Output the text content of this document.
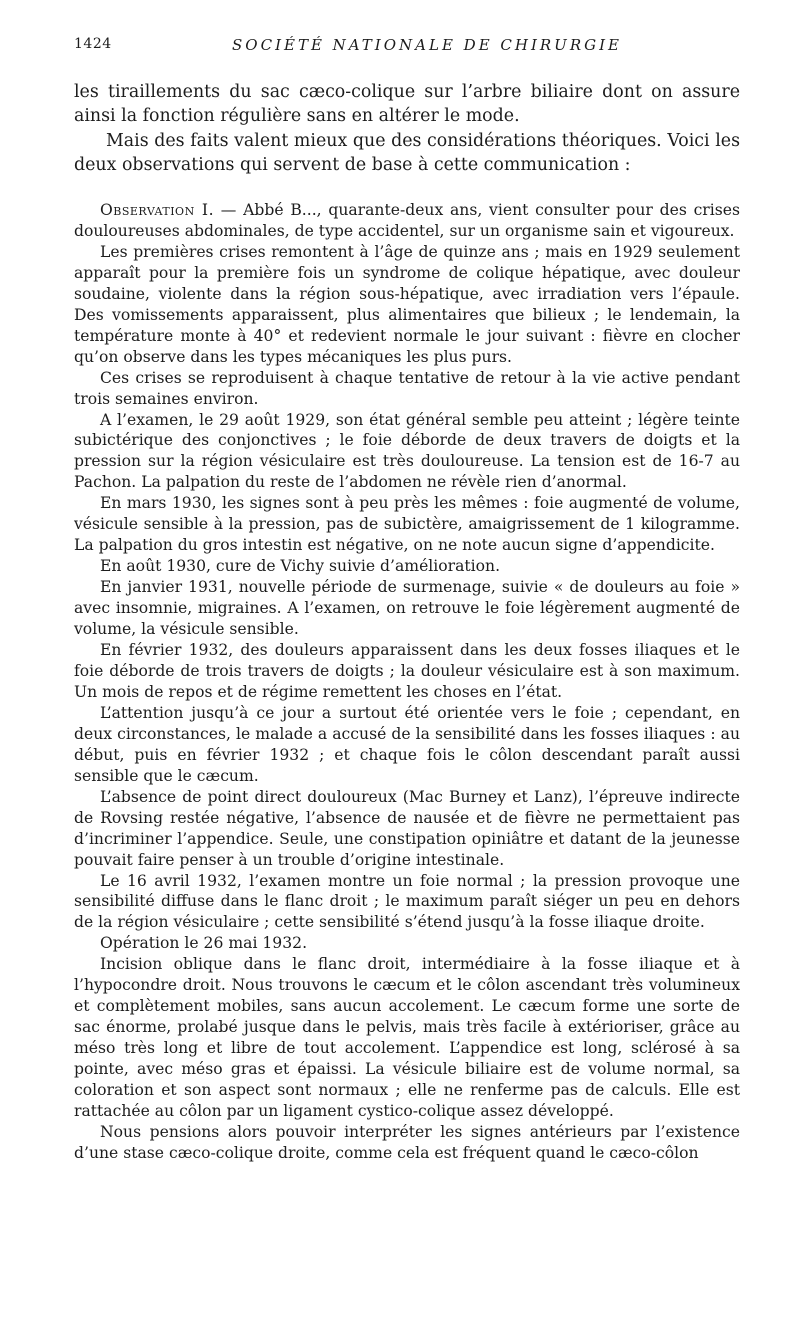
1424	SOCIÉTÉ NATIONALE DE CHIRURGIE

les tiraillements du sac cæco-colique sur l’arbre biliaire dont on assure ainsi la fonction régulière sans en altérer le mode.

Mais des faits valent mieux que des considérations théoriques. Voici les deux observations qui servent de base à cette communication :

Observation I. — Abbé B..., quarante-deux ans, vient consulter pour des crises douloureuses abdominales, de type accidentel, sur un organisme sain et vigoureux.

Les premières crises remontent à l’âge de quinze ans ; mais en 1929 seulement apparaît pour la première fois un syndrome de colique hépatique, avec douleur soudaine, violente dans la région sous-hépatique, avec irradiation vers l’épaule. Des vomissements apparaissent, plus alimentaires que bilieux ; le lendemain, la température monte à 40° et redevient normale le jour suivant : fièvre en clocher qu’on observe dans les types mécaniques les plus purs.

Ces crises se reproduisent à chaque tentative de retour à la vie active pendant trois semaines environ.

A l’examen, le 29 août 1929, son état général semble peu atteint ; légère teinte subictérique des conjonctives ; le foie déborde de deux travers de doigts et la pression sur la région vésiculaire est très douloureuse. La tension est de 16-7 au Pachon. La palpation du reste de l’abdomen ne révèle rien d’anormal.

En mars 1930, les signes sont à peu près les mêmes : foie augmenté de volume, vésicule sensible à la pression, pas de subictère, amaigrissement de 1 kilogramme. La palpation du gros intestin est négative, on ne note aucun signe d’appendicite.

En août 1930, cure de Vichy suivie d’amélioration.

En janvier 1931, nouvelle période de surmenage, suivie « de douleurs au foie » avec insomnie, migraines. A l’examen, on retrouve le foie légèrement augmenté de volume, la vésicule sensible.

En février 1932, des douleurs apparaissent dans les deux fosses iliaques et le foie déborde de trois travers de doigts ; la douleur vésiculaire est à son maximum. Un mois de repos et de régime remettent les choses en l’état.

L’attention jusqu’à ce jour a surtout été orientée vers le foie ; cependant, en deux circonstances, le malade a accusé de la sensibilité dans les fosses iliaques : au début, puis en février 1932 ; et chaque fois le côlon descendant paraît aussi sensible que le cæcum.

L’absence de point direct douloureux (Mac Burney et Lanz), l’épreuve indirecte de Rovsing restée négative, l’absence de nausée et de fièvre ne permettaient pas d’incriminer l’appendice. Seule, une constipation opiniâtre et datant de la jeunesse pouvait faire penser à un trouble d’origine intestinale.

Le 16 avril 1932, l’examen montre un foie normal ; la pression provoque une sensibilité diffuse dans le flanc droit ; le maximum paraît siéger un peu en dehors de la région vésiculaire ; cette sensibilité s’étend jusqu’à la fosse iliaque droite.

Opération le 26 mai 1932.

Incision oblique dans le flanc droit, intermédiaire à la fosse iliaque et à l’hypocondre droit. Nous trouvons le cæcum et le côlon ascendant très volumineux et complètement mobiles, sans aucun accolement. Le cæcum forme une sorte de sac énorme, prolabé jusque dans le pelvis, mais très facile à extérioriser, grâce au méso très long et libre de tout accolement. L’appendice est long, sclérosé à sa pointe, avec méso gras et épaissi. La vésicule biliaire est de volume normal, sa coloration et son aspect sont normaux ; elle ne renferme pas de calculs. Elle est rattachée au côlon par un ligament cystico-colique assez développé.

Nous pensions alors pouvoir interpréter les signes antérieurs par l’existence d’une stase cæco-colique droite, comme cela est fréquent quand le cæco-côlon
